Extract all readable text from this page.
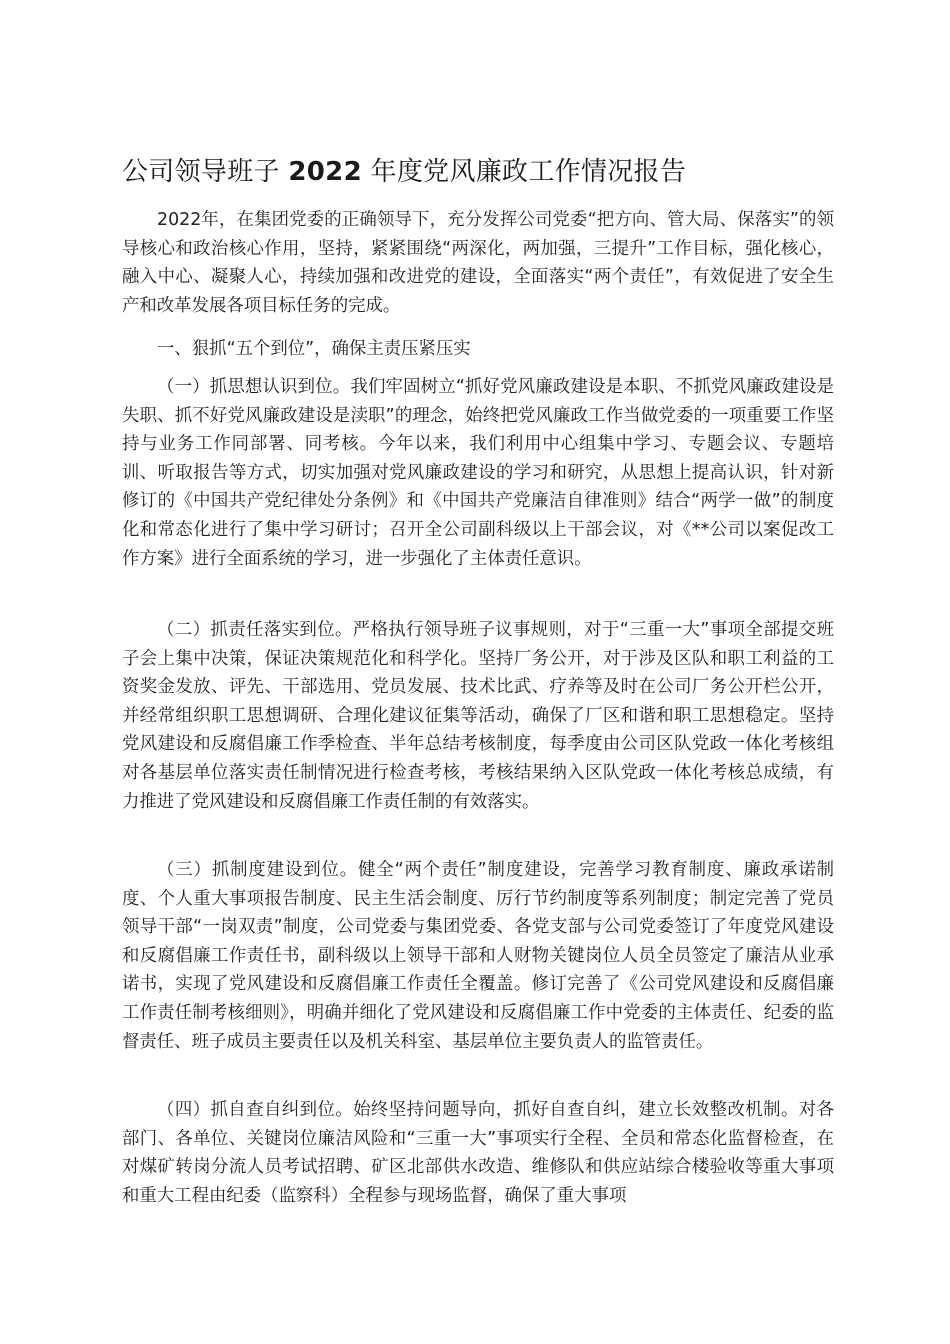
公司领导班子 2022 年度党风廉政工作情况报告

2022年，在集团党委的正确领导下，充分发挥公司党委“把方向、管大局、保落实”的领导核心和政治核心作用，坚持，紧紧围绕“两深化，两加强，三提升”工作目标，强化核心，融入中心、凝聚人心，持续加强和改进党的建设，全面落实“两个责任”，有效促进了安全生产和改革发展各项目标任务的完成。

一、狠抓“五个到位”，确保主责压紧压实

（一）抓思想认识到位。我们牢固树立“抓好党风廉政建设是本职、不抓党风廉政建设是失职、抓不好党风廉政建设是渎职”的理念，始终把党风廉政工作当做党委的一项重要工作坚持与业务工作同部署、同考核。今年以来，我们利用中心组集中学习、专题会议、专题培训、听取报告等方式，切实加强对党风廉政建设的学习和研究，从思想上提高认识，针对新修订的《中国共产党纪律处分条例》和《中国共产党廉洁自律准则》结合“两学一做”的制度化和常态化进行了集中学习研讨；召开全公司副科级以上干部会议，对《**公司以案促改工作方案》进行全面系统的学习，进一步强化了主体责任意识。

（二）抓责任落实到位。严格执行领导班子议事规则，对于“三重一大”事项全部提交班子会上集中决策，保证决策规范化和科学化。坚持厂务公开，对于涉及区队和职工利益的工资奖金发放、评先、干部选用、党员发展、技术比武、疗养等及时在公司厂务公开栏公开，并经常组织职工思想调研、合理化建议征集等活动，确保了厂区和谐和职工思想稳定。坚持党风建设和反腐倡廉工作季检查、半年总结考核制度，每季度由公司区队党政一体化考核组对各基层单位落实责任制情况进行检查考核，考核结果纳入区队党政一体化考核总成绩，有力推进了党风建设和反腐倡廉工作责任制的有效落实。

（三）抓制度建设到位。健全“两个责任”制度建设，完善学习教育制度、廉政承诺制度、个人重大事项报告制度、民主生活会制度、厉行节约制度等系列制度；制定完善了党员领导干部“一岗双责”制度，公司党委与集团党委、各党支部与公司党委签订了年度党风建设和反腐倡廉工作责任书，副科级以上领导干部和人财物关键岗位人员全员签定了廉洁从业承诺书，实现了党风建设和反腐倡廉工作责任全覆盖。修订完善了《公司党风建设和反腐倡廉工作责任制考核细则》，明确并细化了党风建设和反腐倡廉工作中党委的主体责任、纪委的监督责任、班子成员主要责任以及机关科室、基层单位主要负责人的监管责任。

（四）抓自查自纠到位。始终坚持问题导向，抓好自查自纠，建立长效整改机制。对各部门、各单位、关键岗位廉洁风险和“三重一大”事项实行全程、全员和常态化监督检查，在对煤矿转岗分流人员考试招聘、矿区北部供水改造、维修队和供应站综合楼验收等重大事项和重大工程由纪委（监察科）全程参与现场监督，确保了重大事项
